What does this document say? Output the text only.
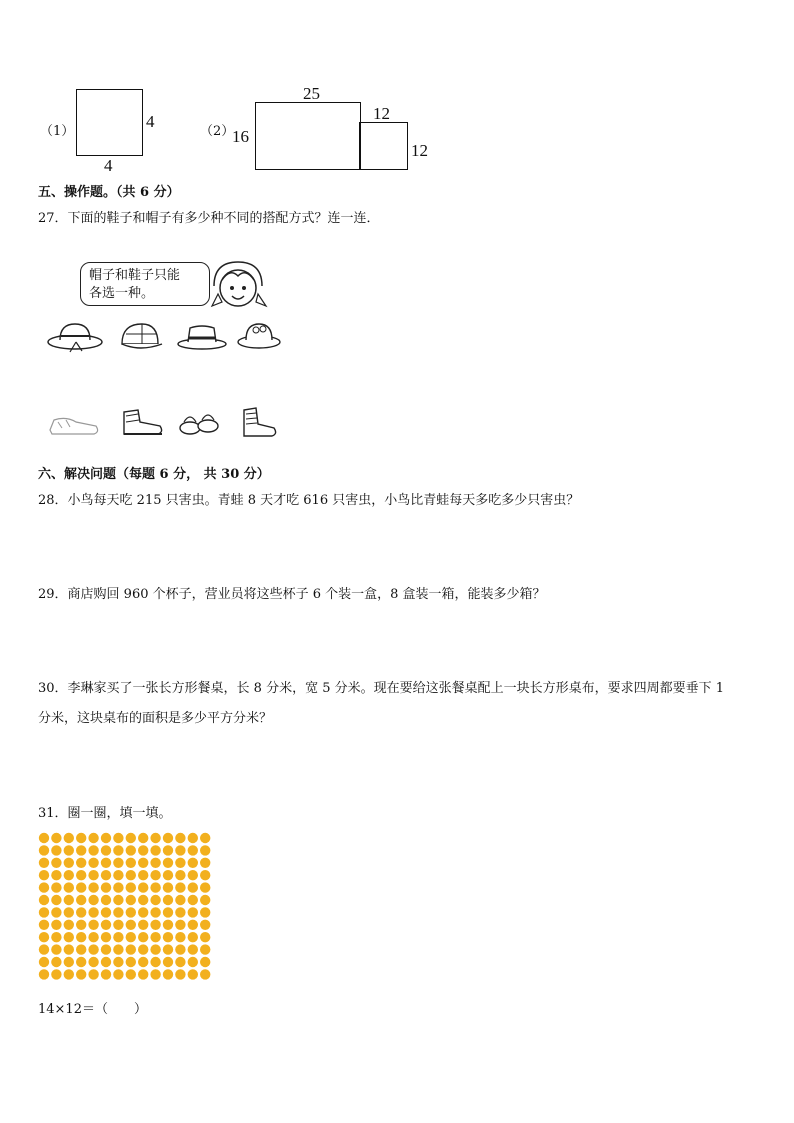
（1）
4
4
（2）
25
16
12
12
五、操作题。（共 6 分）
27．下面的鞋子和帽子有多少种不同的搭配方式？连一连．
帽子和鞋子只能
各选一种。
六、解决问题（每题 6 分， 共 30 分）
28．小鸟每天吃 215 只害虫。青蛙 8 天才吃 616 只害虫，小鸟比青蛙每天多吃多少只害虫？
29．商店购回 960 个杯子，营业员将这些杯子 6 个装一盒，8 盒装一箱，能装多少箱？
30．李琳家买了一张长方形餐桌，长 8 分米，宽 5 分米。现在要给这张餐桌配上一块长方形桌布，要求四周都要垂下 1
分米，这块桌布的面积是多少平方分米？
31．圈一圈，填一填。
14×12＝（　　）
